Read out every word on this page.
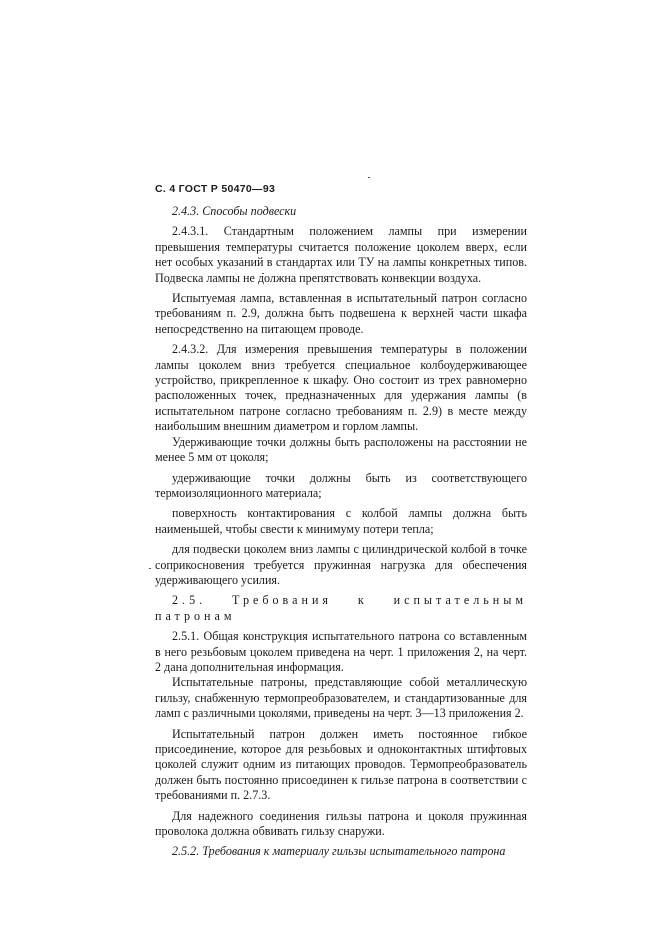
С. 4 ГОСТ Р 50470—93

2.4.3. Способы подвески

2.4.3.1. Стандартным положением лампы при измерении превышения температуры считается положение цоколем вверх, если нет особых указаний в стандартах или ТУ на лампы конкретных типов. Подвеска лампы не должна препятствовать конвекции воздуха.

Испытуемая лампа, вставленная в испытательный патрон согласно требованиям п. 2.9, должна быть подвешена к верхней части шкафа непосредственно на питающем проводе.

2.4.3.2. Для измерения превышения температуры в положении лампы цоколем вниз требуется специальное колбоудерживающее устройство, прикрепленное к шкафу. Оно состоит из трех равномерно расположенных точек, предназначенных для удержания лампы (в испытательном патроне согласно требованиям п. 2.9) в месте между наибольшим внешним диаметром и горлом лампы.

Удерживающие точки должны быть расположены на расстоянии не менее 5 мм от цоколя;

удерживающие точки должны быть из соответствующего термоизоляционного материала;

поверхность контактирования с колбой лампы должна быть наименьшей, чтобы свести к минимуму потери тепла;

для подвески цоколем вниз лампы с цилиндрической колбой в точке соприкосновения требуется пружинная нагрузка для обеспечения удерживающего усилия.

2.5. Требования к испытательным патронам

2.5.1. Общая конструкция испытательного патрона со вставленным в него резьбовым цоколем приведена на черт. 1 приложения 2, на черт. 2 дана дополнительная информация.

Испытательные патроны, представляющие собой металлическую гильзу, снабженную термопреобразователем, и стандартизованные для ламп с различными цоколями, приведены на черт. 3—13 приложения 2.

Испытательный патрон должен иметь постоянное гибкое присоединение, которое для резьбовых и одноконтактных штифтовых цоколей служит одним из питающих проводов. Термопреобразователь должен быть постоянно присоединен к гильзе патрона в соответствии с требованиями п. 2.7.3.

Для надежного соединения гильзы патрона и цоколя пружинная проволока должна обвивать гильзу снаружи.

2.5.2. Требования к материалу гильзы испытательного патрона
